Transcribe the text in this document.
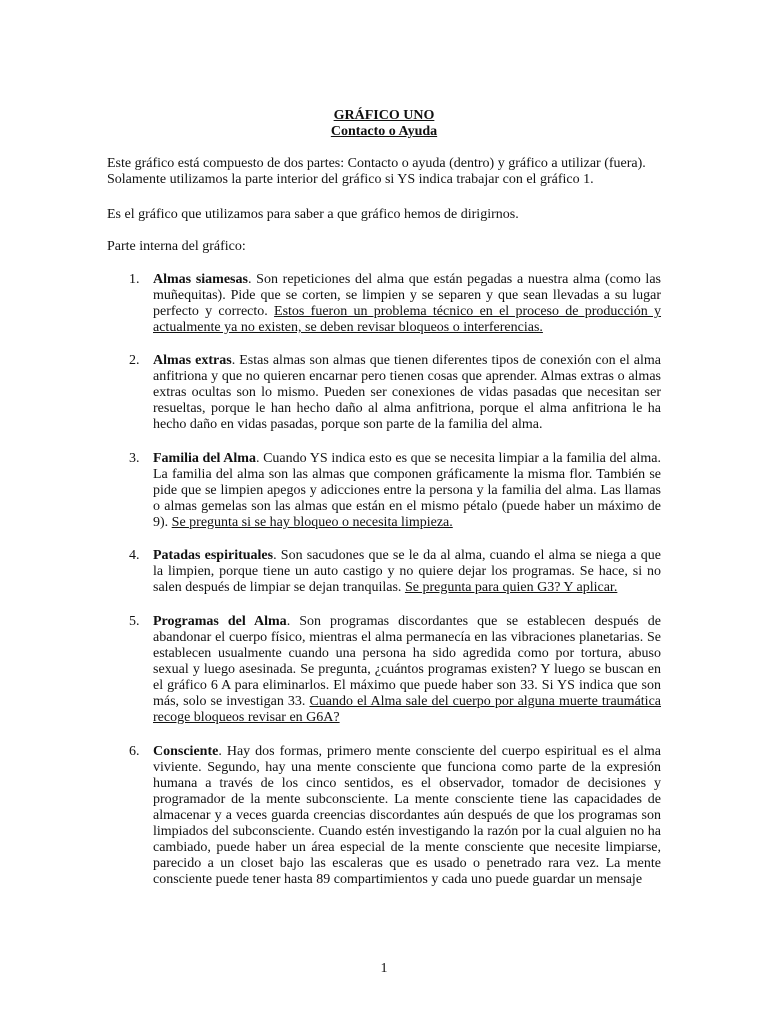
GRÁFICO UNO
Contacto o Ayuda
Este gráfico está compuesto de dos partes: Contacto o ayuda (dentro) y gráfico a utilizar (fuera). Solamente utilizamos la parte interior del gráfico si YS indica trabajar con el gráfico 1.
Es el gráfico que utilizamos para saber a que gráfico hemos de dirigirnos.
Parte interna del gráfico:
1. Almas siamesas. Son repeticiones del alma que están pegadas a nuestra alma (como las muñequitas). Pide que se corten, se limpien y se separen y que sean llevadas a su lugar perfecto y correcto. Estos fueron un problema técnico en el proceso de producción y actualmente ya no existen, se deben revisar bloqueos o interferencias.
2. Almas extras. Estas almas son almas que tienen diferentes tipos de conexión con el alma anfitriona y que no quieren encarnar pero tienen cosas que aprender. Almas extras o almas extras ocultas son lo mismo. Pueden ser conexiones de vidas pasadas que necesitan ser resueltas, porque le han hecho daño al alma anfitriona, porque el alma anfitriona le ha hecho daño en vidas pasadas, porque son parte de la familia del alma.
3. Familia del Alma. Cuando YS indica esto es que se necesita limpiar a la familia del alma. La familia del alma son las almas que componen gráficamente la misma flor. También se pide que se limpien apegos y adicciones entre la persona y la familia del alma. Las llamas o almas gemelas son las almas que están en el mismo pétalo (puede haber un máximo de 9). Se pregunta si se hay bloqueo o necesita limpieza.
4. Patadas espirituales. Son sacudones que se le da al alma, cuando el alma se niega a que la limpien, porque tiene un auto castigo y no quiere dejar los programas. Se hace, si no salen después de limpiar se dejan tranquilas. Se pregunta para quien G3? Y aplicar.
5. Programas del Alma. Son programas discordantes que se establecen después de abandonar el cuerpo físico, mientras el alma permanecía en las vibraciones planetarias. Se establecen usualmente cuando una persona ha sido agredida como por tortura, abuso sexual y luego asesinada. Se pregunta, ¿cuántos programas existen? Y luego se buscan en el gráfico 6 A para eliminarlos. El máximo que puede haber son 33. Si YS indica que son más, solo se investigan 33. Cuando el Alma sale del cuerpo por alguna muerte traumática recoge bloqueos revisar en G6A?
6. Consciente. Hay dos formas, primero mente consciente del cuerpo espiritual es el alma viviente. Segundo, hay una mente consciente que funciona como parte de la expresión humana a través de los cinco sentidos, es el observador, tomador de decisiones y programador de la mente subconsciente. La mente consciente tiene las capacidades de almacenar y a veces guarda creencias discordantes aún después de que los programas son limpiados del subconsciente. Cuando estén investigando la razón por la cual alguien no ha cambiado, puede haber un área especial de la mente consciente que necesite limpiarse, parecido a un closet bajo las escaleras que es usado o penetrado rara vez. La mente consciente puede tener hasta 89 compartimientos y cada uno puede guardar un mensaje
1
